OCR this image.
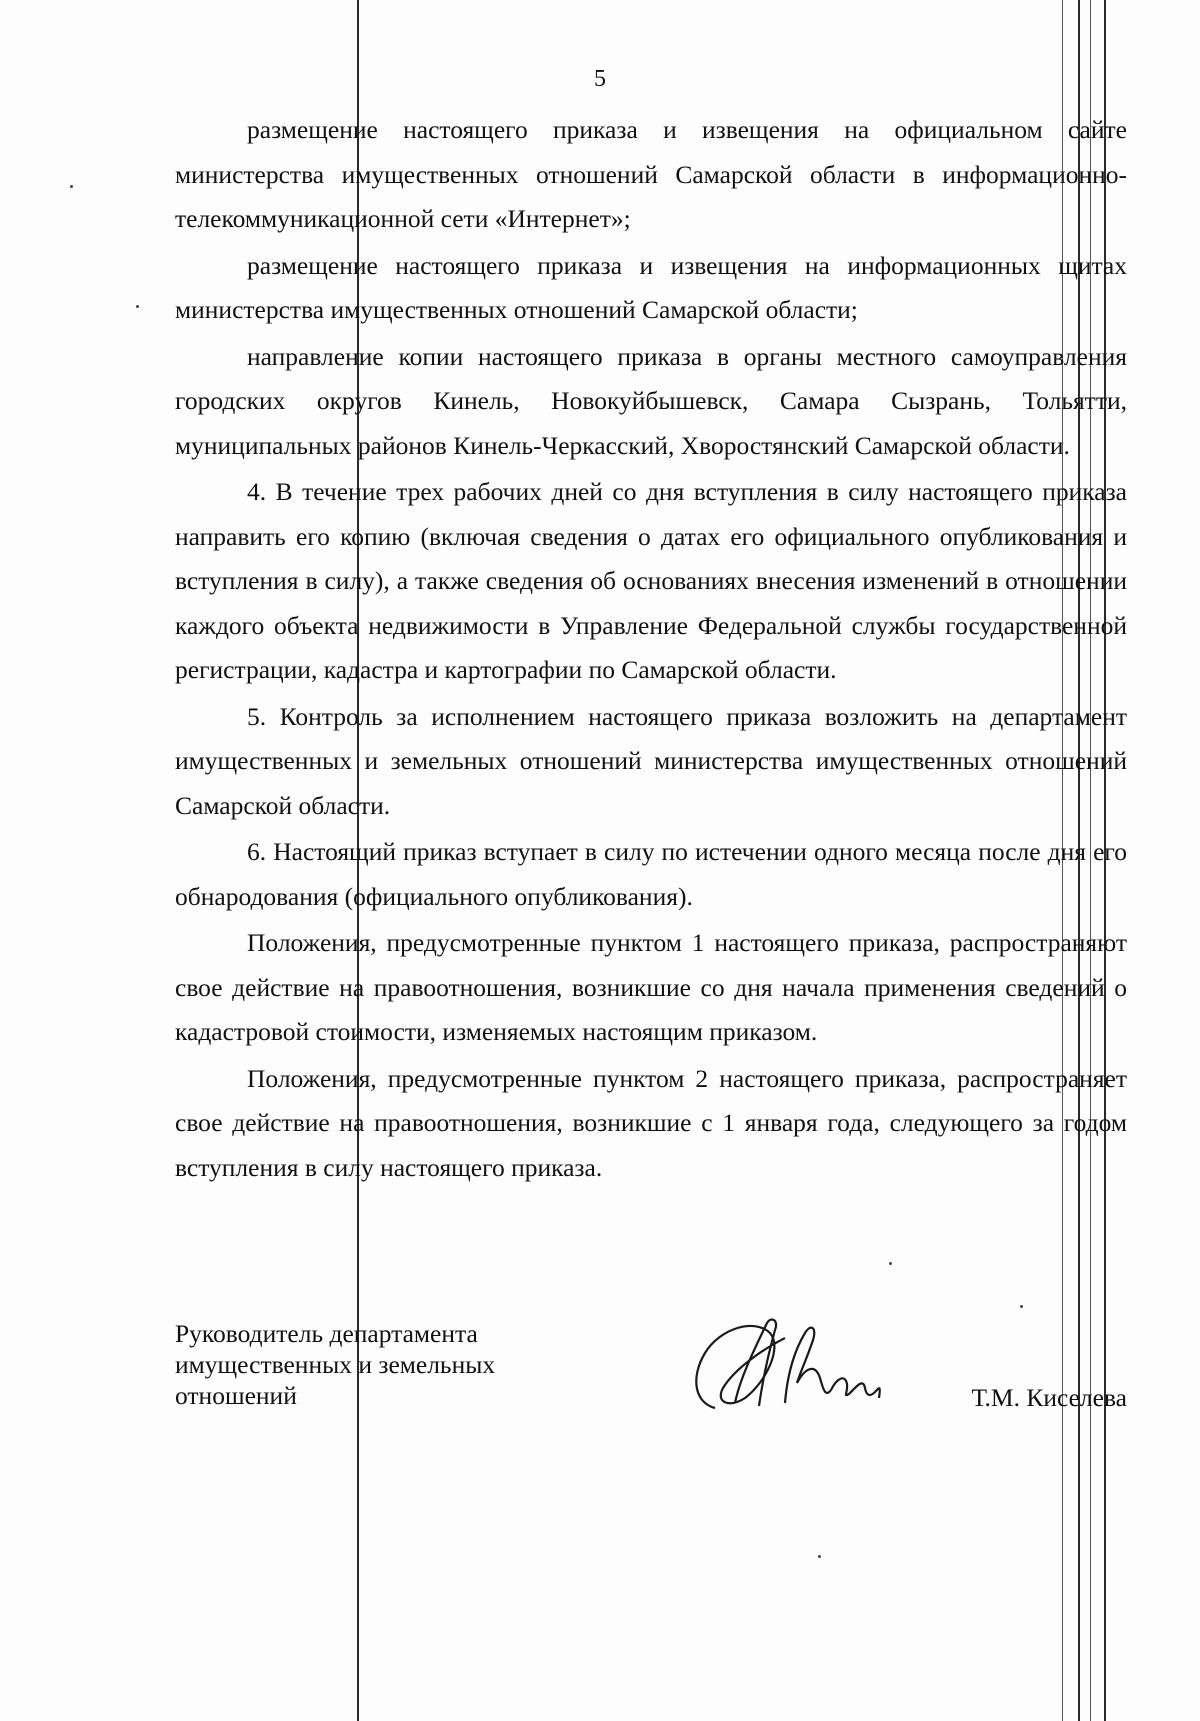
5

размещение настоящего приказа и извещения на официальном сайте министерства имущественных отношений Самарской области в информационно-телекоммуникационной сети «Интернет»;

размещение настоящего приказа и извещения на информационных щитах министерства имущественных отношений Самарской области;

направление копии настоящего приказа в органы местного самоуправления городских округов Кинель, Новокуйбышевск, Самара Сызрань, Тольятти, муниципальных районов Кинель-Черкасский, Хворостянский Самарской области.

4. В течение трех рабочих дней со дня вступления в силу настоящего приказа направить его копию (включая сведения о датах его официального опубликования и вступления в силу), а также сведения об основаниях внесения изменений в отношении каждого объекта недвижимости в Управление Федеральной службы государственной регистрации, кадастра и картографии по Самарской области.

5. Контроль за исполнением настоящего приказа возложить на департамент имущественных и земельных отношений министерства имущественных отношений Самарской области.

6. Настоящий приказ вступает в силу по истечении одного месяца после дня его обнародования (официального опубликования).

Положения, предусмотренные пунктом 1 настоящего приказа, распространяют свое действие на правоотношения, возникшие со дня начала применения сведений о кадастровой стоимости, изменяемых настоящим приказом.

Положения, предусмотренные пунктом 2 настоящего приказа, распространяет свое действие на правоотношения, возникшие с 1 января года, следующего за годом вступления в силу настоящего приказа.

Руководитель департамента
имущественных и земельных
отношений	Т.М. Киселева
